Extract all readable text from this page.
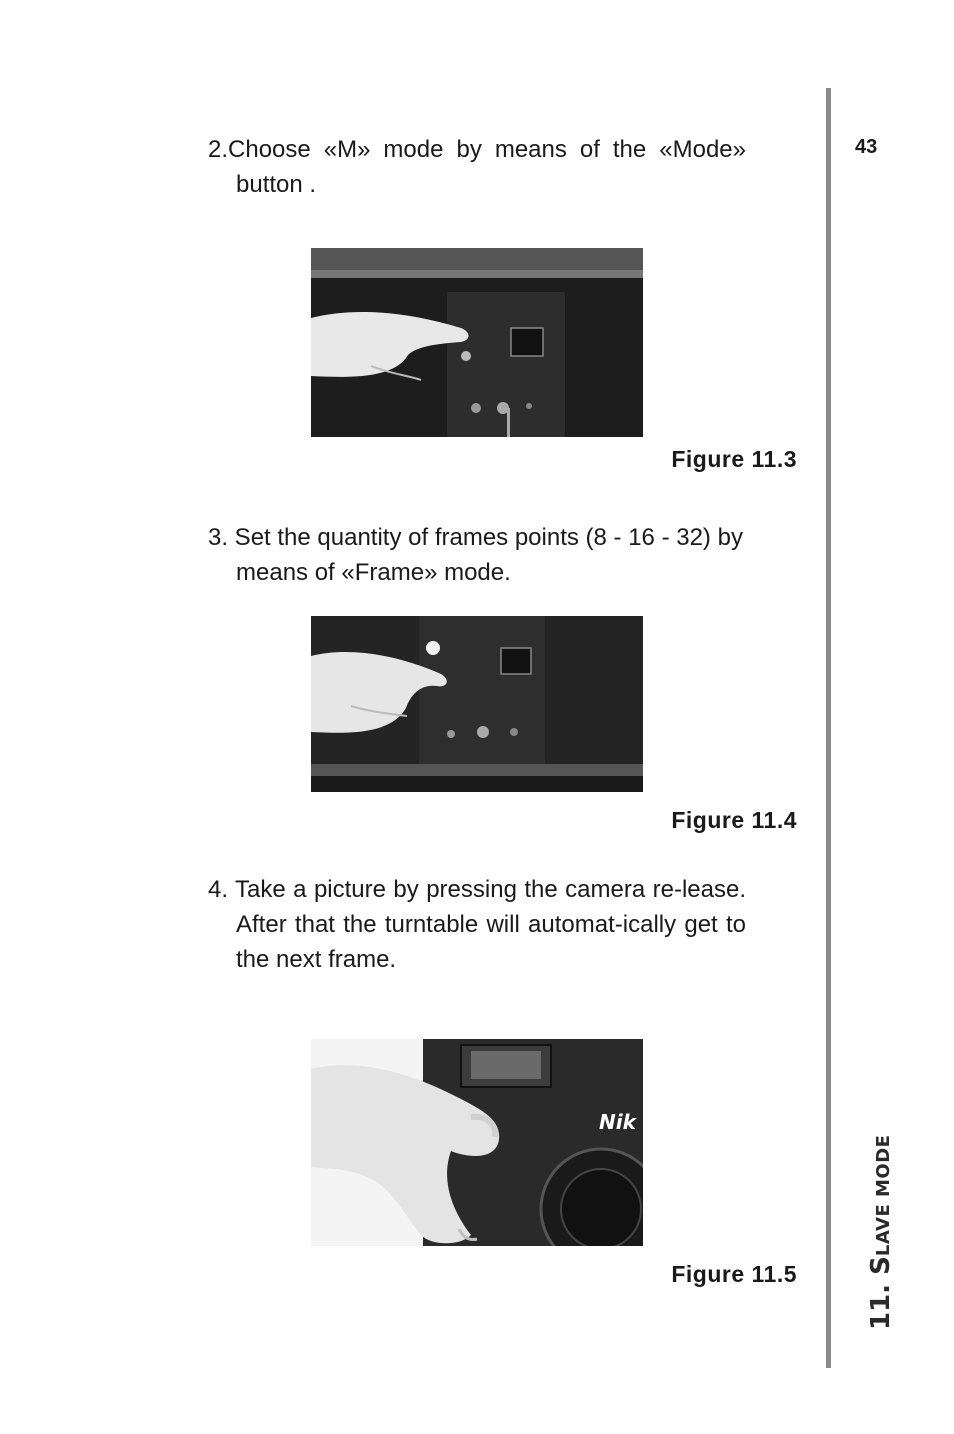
43
11. SLAVE MODE
2.Choose «M» mode by means of the «Mode» button .
Figure 11.3
3. Set the quantity of frames points (8 - 16 - 32) by means of «Frame» mode.
Figure 11.4
4. Take a picture by pressing the camera re-lease. After that the turntable will automat-ically get to the next frame.
Nik
Figure 11.5
